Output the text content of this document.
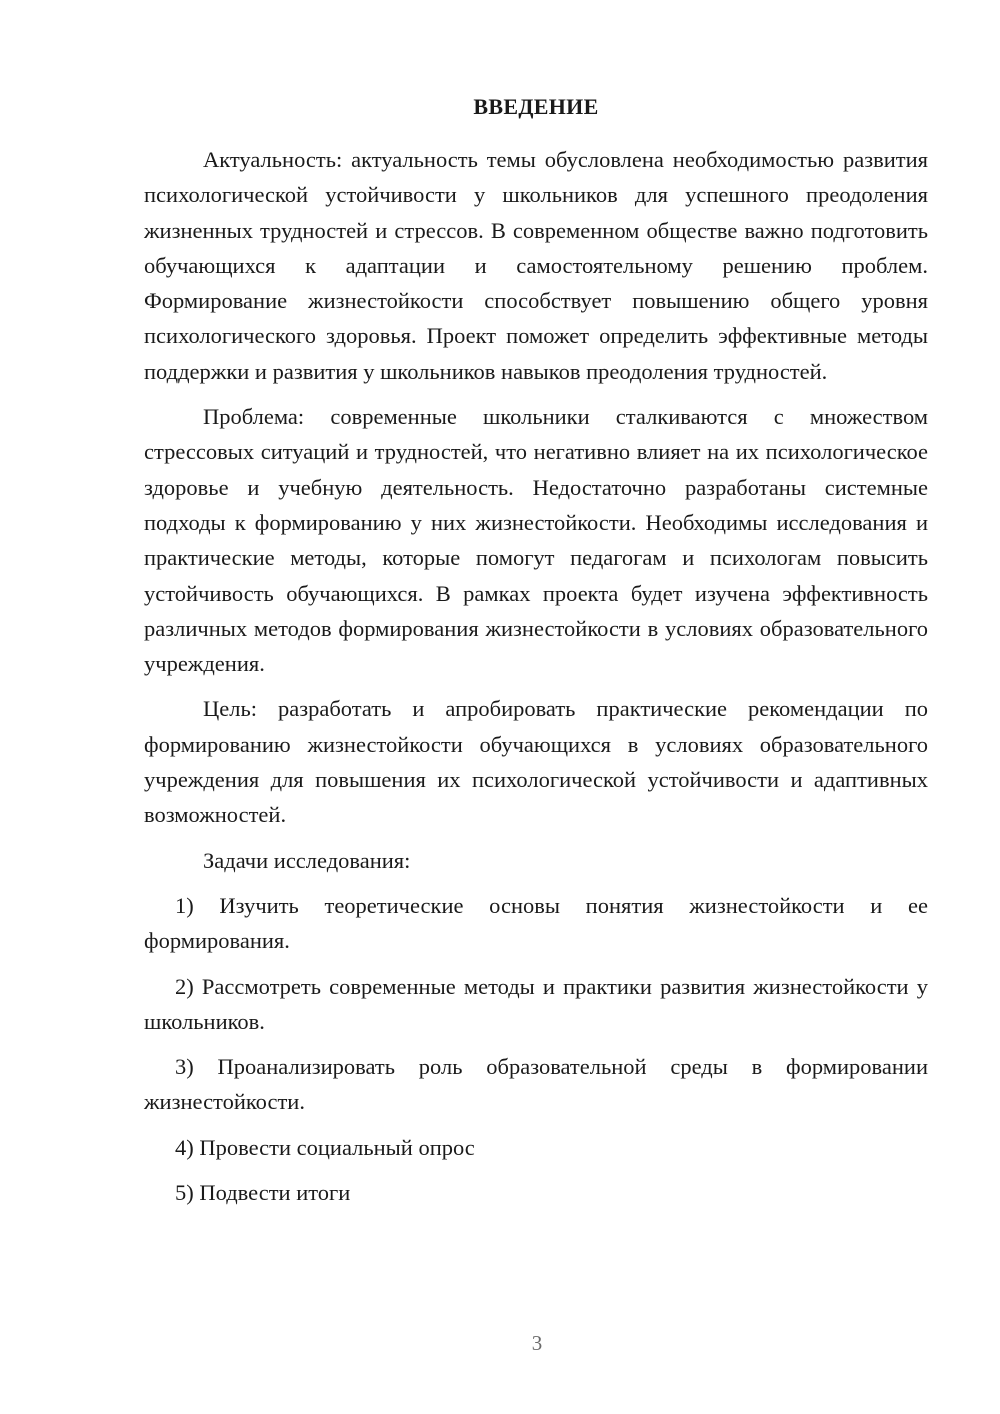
ВВЕДЕНИЕ

Актуальность: актуальность темы обусловлена необходимостью развития психологической устойчивости у школьников для успешного преодоления жизненных трудностей и стрессов. В современном обществе важно подготовить обучающихся к адаптации и самостоятельному решению проблем. Формирование жизнестойкости способствует повышению общего уровня психологического здоровья. Проект поможет определить эффективные методы поддержки и развития у школьников навыков преодоления трудностей.

Проблема: современные школьники сталкиваются с множеством стрессовых ситуаций и трудностей, что негативно влияет на их психологическое здоровье и учебную деятельность. Недостаточно разработаны системные подходы к формированию у них жизнестойкости. Необходимы исследования и практические методы, которые помогут педагогам и психологам повысить устойчивость обучающихся. В рамках проекта будет изучена эффективность различных методов формирования жизнестойкости в условиях образовательного учреждения.

Цель: разработать и апробировать практические рекомендации по формированию жизнестойкости обучающихся в условиях образовательного учреждения для повышения их психологической устойчивости и адаптивных возможностей.

Задачи исследования:

1) Изучить теоретические основы понятия жизнестойкости и ее формирования.

2) Рассмотреть современные методы и практики развития жизнестойкости у школьников.

3) Проанализировать роль образовательной среды в формировании жизнестойкости.

4) Провести социальный опрос

5) Подвести итоги

3
